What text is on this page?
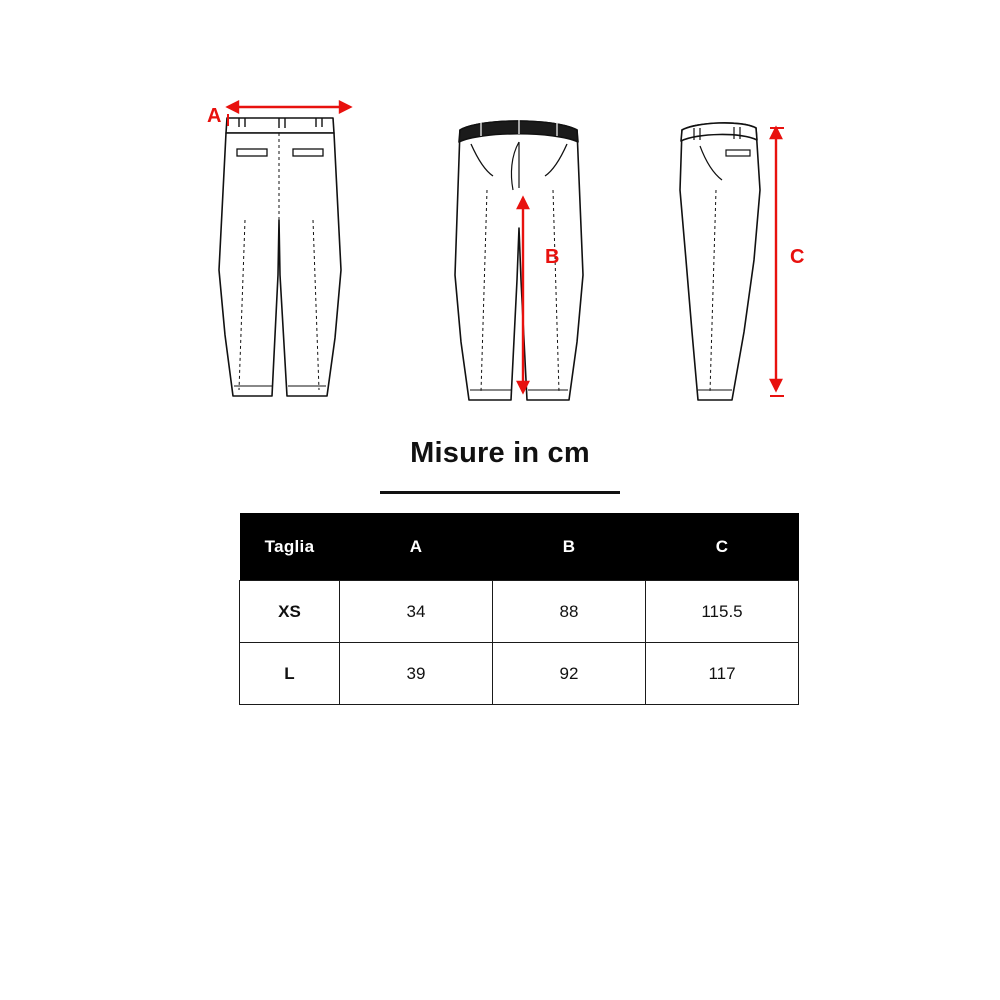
A
B	C
Misure in cm
Taglia	A	B	C
XS	34	88	115.5
L	39	92	117
